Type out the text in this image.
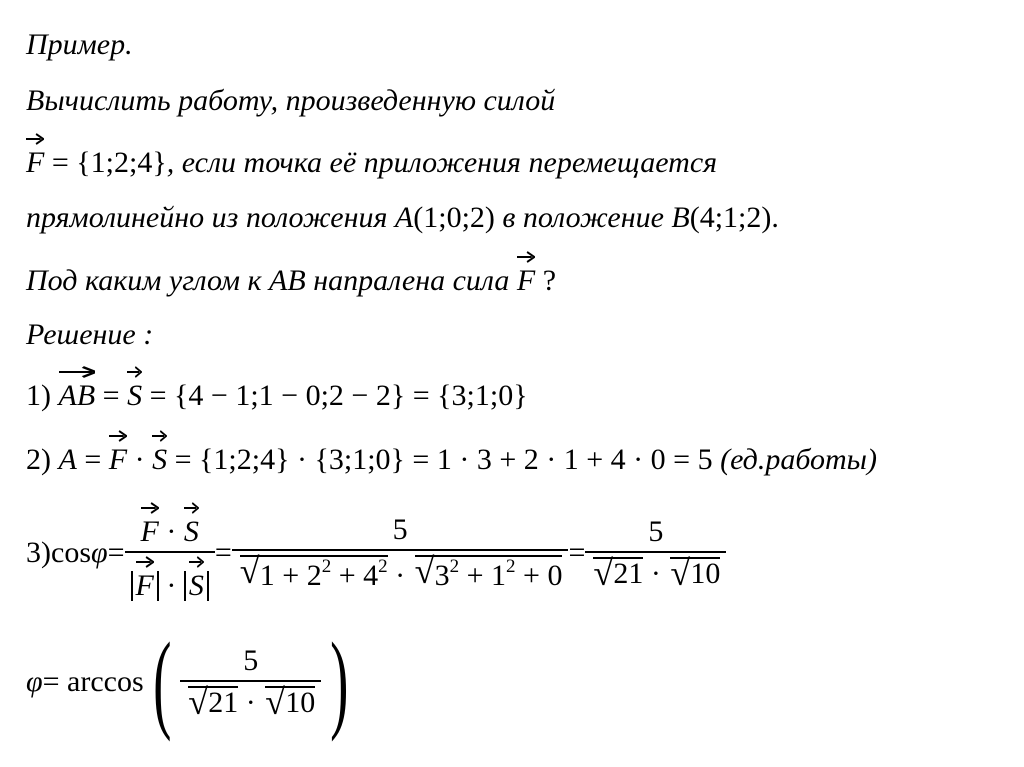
Пример.
Вычислить работу, произведенную силой
F = {1;2;4}, если точка её приложения перемещается
прямолинейно из положения A(1;0;2) в положение B(4;1;2).
Под каким углом к AB напралена сила
F ?
Решение :
1)
AB =
S = {4 − 1;1 − 0;2 − 2} = {3;1;0}
2) A =
F ·
S = {1;2;4} · {3;1;0} = 1 · 3 + 2 · 1 + 4 · 0 = 5 (ед.работы)
3) cos φ = F ·
S
F ·
S = 5
√ $1 + 2^2 + 4^2$ · √ $3^2 + 1^2 + 0 = 5$
√ 21 · √ 10
φ = arccos ( 5
√ 21 · √ 10 )
